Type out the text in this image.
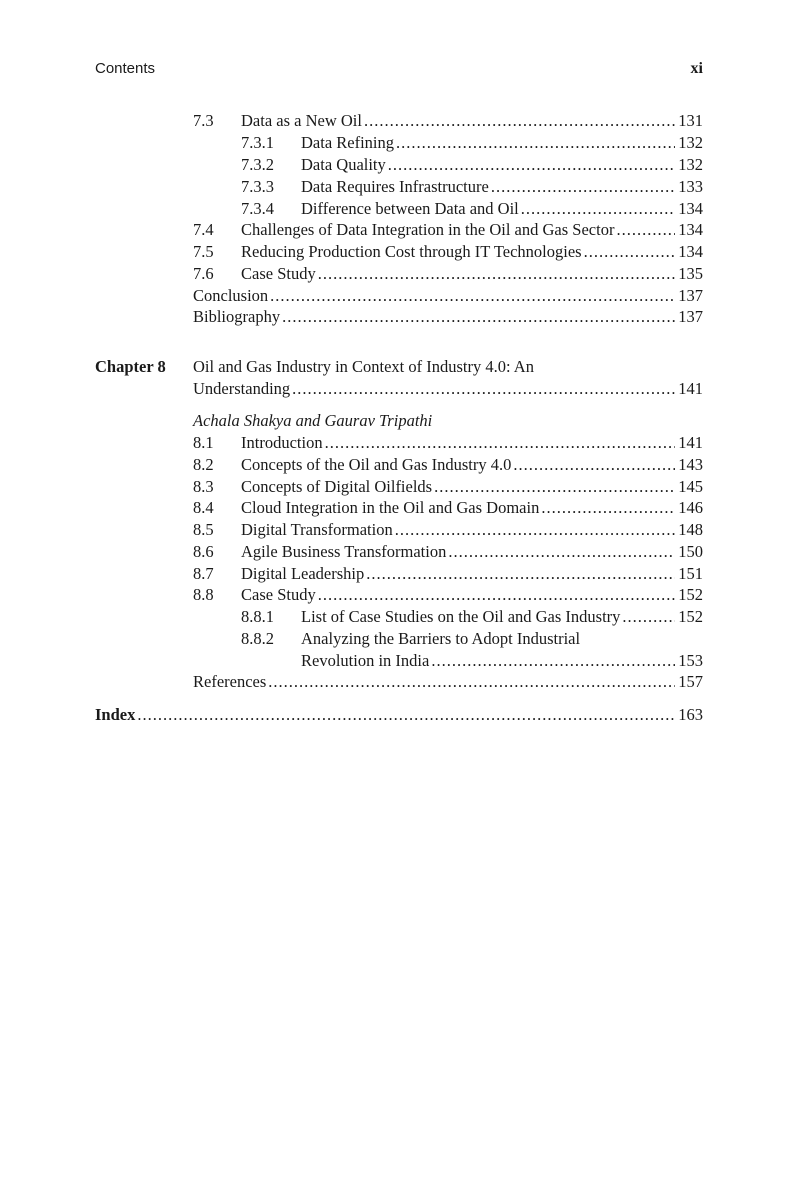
Contents	xi
7.3 Data as a New Oil .....	131
7.3.1 Data Refining .....	132
7.3.2 Data Quality .....	132
7.3.3 Data Requires Infrastructure .....	133
7.3.4 Difference between Data and Oil .....	134
7.4 Challenges of Data Integration in the Oil and Gas Sector .....	134
7.5 Reducing Production Cost through IT Technologies .....	134
7.6 Case Study .....	135
Conclusion .....	137
Bibliography .....	137
Chapter 8 Oil and Gas Industry in Context of Industry 4.0: An
Understanding .....	141
Achala Shakya and Gaurav Tripathi
8.1 Introduction .....	141
8.2 Concepts of the Oil and Gas Industry 4.0 .....	143
8.3 Concepts of Digital Oilfields .....	145
8.4 Cloud Integration in the Oil and Gas Domain .....	146
8.5 Digital Transformation .....	148
8.6 Agile Business Transformation .....	150
8.7 Digital Leadership .....	151
8.8 Case Study .....	152
8.8.1 List of Case Studies on the Oil and Gas Industry .....	152
8.8.2 Analyzing the Barriers to Adopt Industrial
Revolution in India .....	153
References .....	157
Index .....	163
